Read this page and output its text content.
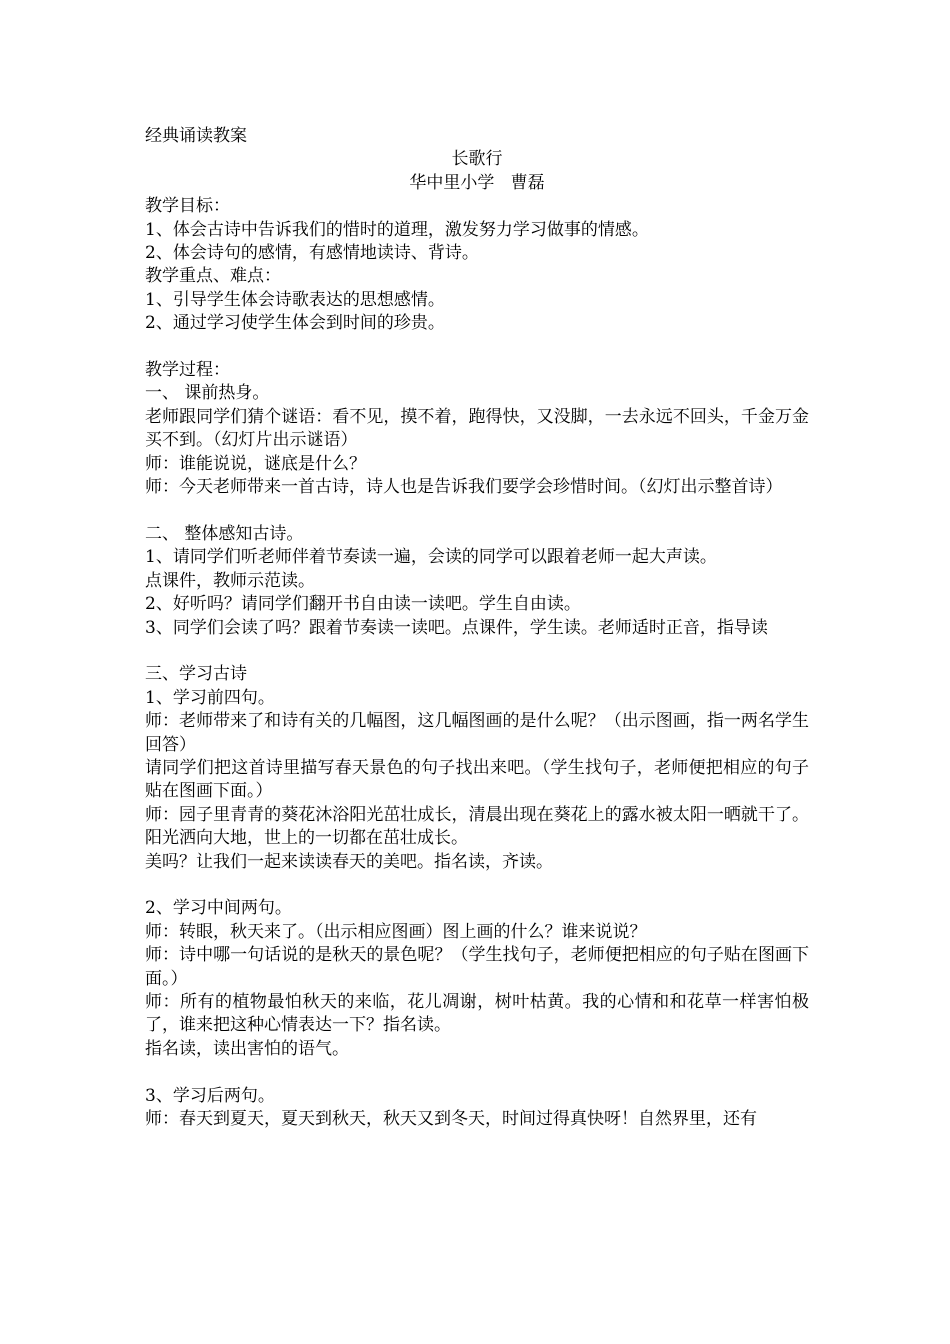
经典诵读教案

长歌行

华中里小学   曹磊

教学目标：

1、体会古诗中告诉我们的惜时的道理，激发努力学习做事的情感。

2、体会诗句的感情，有感情地读诗、背诗。

教学重点、难点：

1、引导学生体会诗歌表达的思想感情。

2、通过学习使学生体会到时间的珍贵。

教学过程：

一、 课前热身。

老师跟同学们猜个谜语：看不见，摸不着，跑得快，又没脚，一去永远不回头，千金万金买不到。（幻灯片出示谜语）

师：谁能说说，谜底是什么？

师：今天老师带来一首古诗，诗人也是告诉我们要学会珍惜时间。（幻灯出示整首诗）

二、 整体感知古诗。

1、请同学们听老师伴着节奏读一遍，会读的同学可以跟着老师一起大声读。

点课件，教师示范读。

2、好听吗？请同学们翻开书自由读一读吧。学生自由读。

3、同学们会读了吗？跟着节奏读一读吧。点课件，学生读。老师适时正音，指导读

三、学习古诗

1、学习前四句。

师：老师带来了和诗有关的几幅图，这几幅图画的是什么呢？（出示图画，指一两名学生回答）

请同学们把这首诗里描写春天景色的句子找出来吧。（学生找句子，老师便把相应的句子贴在图画下面。）

师：园子里青青的葵花沐浴阳光茁壮成长，清晨出现在葵花上的露水被太阳一晒就干了。阳光洒向大地，世上的一切都在茁壮成长。

美吗？让我们一起来读读春天的美吧。指名读，齐读。

2、学习中间两句。

师：转眼，秋天来了。（出示相应图画）图上画的什么？谁来说说？

师：诗中哪一句话说的是秋天的景色呢？（学生找句子，老师便把相应的句子贴在图画下面。）

师：所有的植物最怕秋天的来临，花儿凋谢，树叶枯黄。我的心情和和花草一样害怕极了，谁来把这种心情表达一下？指名读。

指名读，读出害怕的语气。

3、学习后两句。

师：春天到夏天，夏天到秋天，秋天又到冬天，时间过得真快呀！自然界里，还有
